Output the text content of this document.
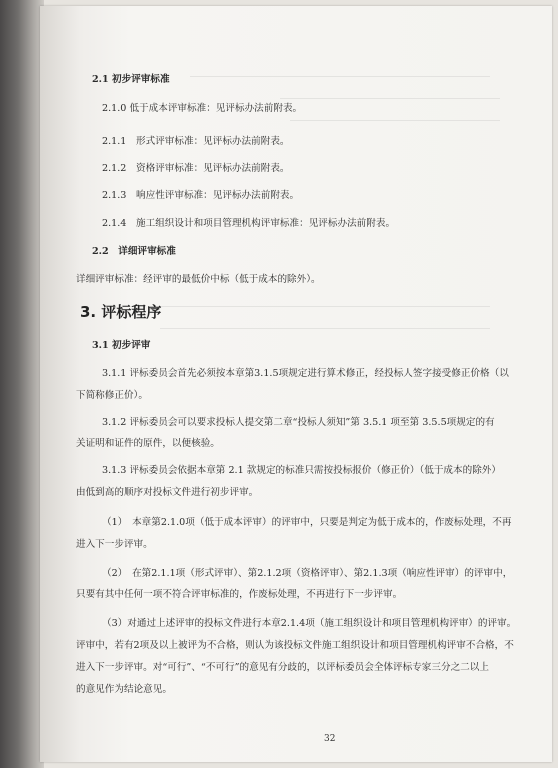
2.1 初步评审标准
2.1.0 低于成本评审标准：见评标办法前附表。
2.1.1　形式评审标准：见评标办法前附表。
2.1.2　资格评审标准：见评标办法前附表。
2.1.3　响应性评审标准：见评标办法前附表。
2.1.4　施工组织设计和项目管理机构评审标准：见评标办法前附表。
2.2　详细评审标准
详细评审标准：经评审的最低价中标（低于成本的除外）。
3. 评标程序
3.1 初步评审
3.1.1 评标委员会首先必须按本章第3.1.5项规定进行算术修正，经投标人签字接受修正价格（以
下简称修正价）。
3.1.2 评标委员会可以要求投标人提交第二章“投标人须知”第 3.5.1 项至第 3.5.5项规定的有
关证明和证件的原件，以便核验。
3.1.3 评标委员会依据本章第 2.1 款规定的标准只需按投标报价（修正价）（低于成本的除外）
由低到高的顺序对投标文件进行初步评审。
（1）　本章第2.1.0项（低于成本评审）的评审中，只要是判定为低于成本的，作废标处理，不再
进入下一步评审。
（2）　在第2.1.1项（形式评审）、第2.1.2项（资格评审）、第2.1.3项（响应性评审）的评审中，
只要有其中任何一项不符合评审标准的，作废标处理，不再进行下一步评审。
（3）对通过上述评审的投标文件进行本章2.1.4项（施工组织设计和项目管理机构评审）的评审。
评审中，若有2项及以上被评为不合格，则认为该投标文件施工组织设计和项目管理机构评审不合格，不
进入下一步评审。对“可行”、“不可行”的意见有分歧的，以评标委员会全体评标专家三分之二以上
的意见作为结论意见。
32
